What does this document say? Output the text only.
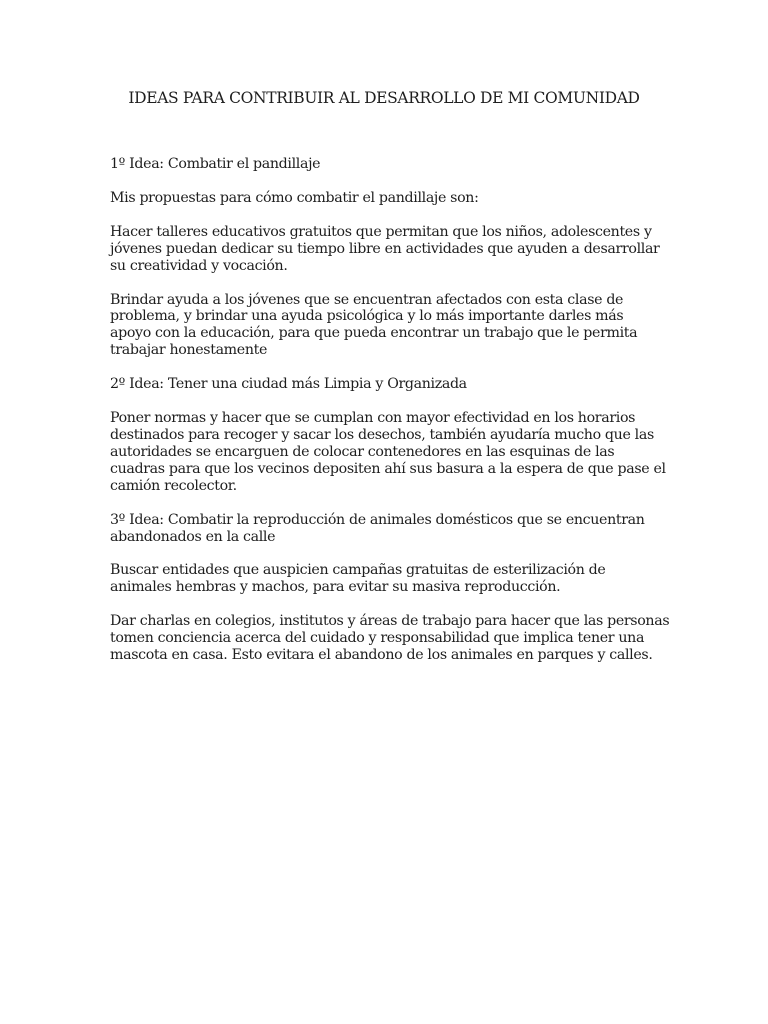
IDEAS PARA CONTRIBUIR AL DESARROLLO DE MI COMUNIDAD

1º Idea: Combatir el pandillaje

Mis propuestas para cómo combatir el pandillaje son:

Hacer talleres educativos gratuitos que permitan que los niños, adolescentes y
jóvenes puedan dedicar su tiempo libre en actividades que ayuden a desarrollar
su creatividad y vocación.

Brindar ayuda a los jóvenes que se encuentran afectados con esta clase de
problema, y brindar una ayuda psicológica y lo más importante darles más
apoyo con la educación, para que pueda encontrar un trabajo que le permita
trabajar honestamente

2º Idea: Tener una ciudad más Limpia y Organizada

Poner normas y hacer que se cumplan con mayor efectividad en los horarios
destinados para recoger y sacar los desechos, también ayudaría mucho que las
autoridades se encarguen de colocar contenedores en las esquinas de las
cuadras para que los vecinos depositen ahí sus basura a la espera de que pase el
camión recolector.

3º Idea: Combatir la reproducción de animales domésticos que se encuentran
abandonados en la calle

Buscar entidades que auspicien campañas gratuitas de esterilización de
animales hembras y machos, para evitar su masiva reproducción.

Dar charlas en colegios, institutos y áreas de trabajo para hacer que las personas
tomen conciencia acerca del cuidado y responsabilidad que implica tener una
mascota en casa. Esto evitara el abandono de los animales en parques y calles.
